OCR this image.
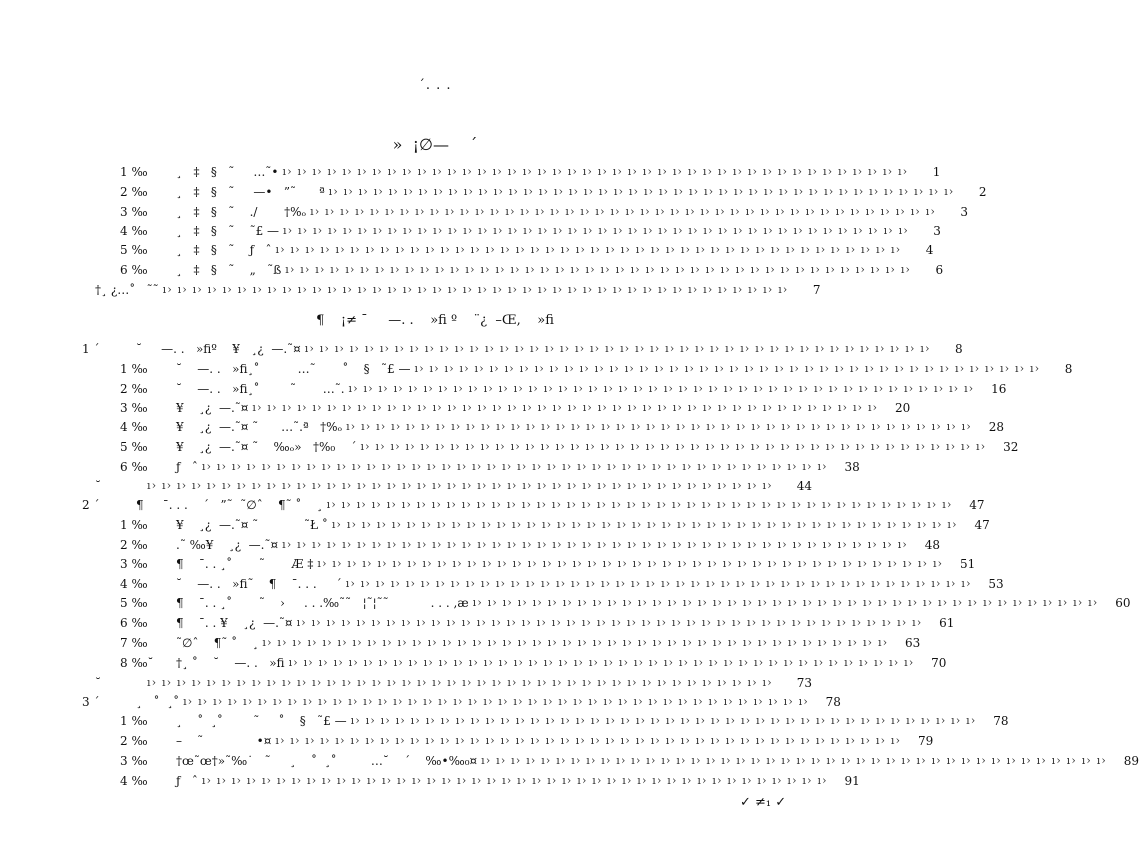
´. . .
»  ¡∅—    ´
¶    ¡≠ ¯     —. .    »fi º    ¨¿  –Œ,    »fi
1 ‰	¸   ‡   §   ˜     …˜• ı› ı› ı› ı› ı› ı› ı› ı› ı› ı› ı› ı› ı› ı› ı› ı› ı› ı› ı› ı› ı› ı› ı› ı› ı› ı› ı› ı› ı› ı› ı› ı› ı› ı› ı› ı› ı› ı› ı› ı› ı› ı›	1
2 ‰	¸   ‡   §   ˜     —•   ”˜      ª ı› ı› ı› ı› ı› ı› ı› ı› ı› ı› ı› ı› ı› ı› ı› ı› ı› ı› ı› ı› ı› ı› ı› ı› ı› ı› ı› ı› ı› ı› ı› ı› ı› ı› ı› ı› ı› ı› ı› ı› ı› ı›	2
3 ‰	¸   ‡   §   ˜    ./       †%ₒ ı› ı› ı› ı› ı› ı› ı› ı› ı› ı› ı› ı› ı› ı› ı› ı› ı› ı› ı› ı› ı› ı› ı› ı› ı› ı› ı› ı› ı› ı› ı› ı› ı› ı› ı› ı› ı› ı› ı› ı› ı› ı›	3
4 ‰	¸   ‡   §   ˜    ˜£ — ı› ı› ı› ı› ı› ı› ı› ı› ı› ı› ı› ı› ı› ı› ı› ı› ı› ı› ı› ı› ı› ı› ı› ı› ı› ı› ı› ı› ı› ı› ı› ı› ı› ı› ı› ı› ı› ı› ı› ı› ı› ı›	3
5 ‰	¸   ‡   §   ˜    ƒ   ˆ ı› ı› ı› ı› ı› ı› ı› ı› ı› ı› ı› ı› ı› ı› ı› ı› ı› ı› ı› ı› ı› ı› ı› ı› ı› ı› ı› ı› ı› ı› ı› ı› ı› ı› ı› ı› ı› ı› ı› ı› ı› ı›	4
6 ‰	¸   ‡   §   ˜    „   ˜ß ı› ı› ı› ı› ı› ı› ı› ı› ı› ı› ı› ı› ı› ı› ı› ı› ı› ı› ı› ı› ı› ı› ı› ı› ı› ı› ı› ı› ı› ı› ı› ı› ı› ı› ı› ı› ı› ı› ı› ı› ı› ı›	6
†¸ ¿…˚ ˜˜ ı› ı› ı› ı› ı› ı› ı› ı› ı› ı› ı› ı› ı› ı› ı› ı› ı› ı› ı› ı› ı› ı› ı› ı› ı› ı› ı› ı› ı› ı› ı› ı› ı› ı› ı› ı› ı› ı› ı› ı› ı› ı›	7
1 ´	˘     —. .   »fiº    ¥   ¸¿  —.˜¤ ı› ı› ı› ı› ı› ı› ı› ı› ı› ı› ı› ı› ı› ı› ı› ı› ı› ı› ı› ı› ı› ı› ı› ı› ı› ı› ı› ı› ı› ı› ı› ı› ı› ı› ı› ı› ı› ı› ı› ı› ı› ı›	8
1 ‰	˘    —. .   »fi¸˚          …˜       ˚    §   ˜£ — ı› ı› ı› ı› ı› ı› ı› ı› ı› ı› ı› ı› ı› ı› ı› ı› ı› ı› ı› ı› ı› ı› ı› ı› ı› ı› ı› ı› ı› ı› ı› ı› ı› ı› ı› ı› ı› ı› ı› ı› ı› ı›	8
2 ‰	˘    —. .   »fi¸˚        ˜       …˜. ı› ı› ı› ı› ı› ı› ı› ı› ı› ı› ı› ı› ı› ı› ı› ı› ı› ı› ı› ı› ı› ı› ı› ı› ı› ı› ı› ı› ı› ı› ı› ı› ı› ı› ı› ı› ı› ı› ı› ı› ı› ı›	16
3 ‰	¥    ¸¿  —.˜¤ ı› ı› ı› ı› ı› ı› ı› ı› ı› ı› ı› ı› ı› ı› ı› ı› ı› ı› ı› ı› ı› ı› ı› ı› ı› ı› ı› ı› ı› ı› ı› ı› ı› ı› ı› ı› ı› ı› ı› ı› ı› ı›	20
4 ‰	¥    ¸¿  —.˜¤ ˜      …˜.ª   †%ₒ ı› ı› ı› ı› ı› ı› ı› ı› ı› ı› ı› ı› ı› ı› ı› ı› ı› ı› ı› ı› ı› ı› ı› ı› ı› ı› ı› ı› ı› ı› ı› ı› ı› ı› ı› ı› ı› ı› ı› ı› ı› ı›	28
5 ‰	¥    ¸¿  —.˜¤ ˜    ‰ₒ»   †%₀    ´ ı› ı› ı› ı› ı› ı› ı› ı› ı› ı› ı› ı› ı› ı› ı› ı› ı› ı› ı› ı› ı› ı› ı› ı› ı› ı› ı› ı› ı› ı› ı› ı› ı› ı› ı› ı› ı› ı› ı› ı› ı› ı›	32
6 ‰	ƒ   ˆ ı› ı› ı› ı› ı› ı› ı› ı› ı› ı› ı› ı› ı› ı› ı› ı› ı› ı› ı› ı› ı› ı› ı› ı› ı› ı› ı› ı› ı› ı› ı› ı› ı› ı› ı› ı› ı› ı› ı› ı› ı› ı›	38
˘	ı› ı› ı› ı› ı› ı› ı› ı› ı› ı› ı› ı› ı› ı› ı› ı› ı› ı› ı› ı› ı› ı› ı› ı› ı› ı› ı› ı› ı› ı› ı› ı› ı› ı› ı› ı› ı› ı› ı› ı› ı› ı›	44
2 ´	¶     ¯. . .    ´   ”˜  ˜∅ˆ    ¶˜ ˚    ¸ ı› ı› ı› ı› ı› ı› ı› ı› ı› ı› ı› ı› ı› ı› ı› ı› ı› ı› ı› ı› ı› ı› ı› ı› ı› ı› ı› ı› ı› ı› ı› ı› ı› ı› ı› ı› ı› ı› ı› ı› ı› ı›	47
1 ‰	¥    ¸¿  —.˜¤ ˜            ˜Ł ˚ ı› ı› ı› ı› ı› ı› ı› ı› ı› ı› ı› ı› ı› ı› ı› ı› ı› ı› ı› ı› ı› ı› ı› ı› ı› ı› ı› ı› ı› ı› ı› ı› ı› ı› ı› ı› ı› ı› ı› ı› ı› ı›	47
2 ‰	.˜ ‰¥    ¸¿  —.˜¤ ı› ı› ı› ı› ı› ı› ı› ı› ı› ı› ı› ı› ı› ı› ı› ı› ı› ı› ı› ı› ı› ı› ı› ı› ı› ı› ı› ı› ı› ı› ı› ı› ı› ı› ı› ı› ı› ı› ı› ı› ı› ı›	48
3 ‰	¶    ¯. . ¸˚       ˜       Æ ‡ ı› ı› ı› ı› ı› ı› ı› ı› ı› ı› ı› ı› ı› ı› ı› ı› ı› ı› ı› ı› ı› ı› ı› ı› ı› ı› ı› ı› ı› ı› ı› ı› ı› ı› ı› ı› ı› ı› ı› ı› ı› ı›	51
4 ‰	˘    —. .   »fi˜    ¶    ¯. . .     ´ ı› ı› ı› ı› ı› ı› ı› ı› ı› ı› ı› ı› ı› ı› ı› ı› ı› ı› ı› ı› ı› ı› ı› ı› ı› ı› ı› ı› ı› ı› ı› ı› ı› ı› ı› ı› ı› ı› ı› ı› ı› ı›	53
5 ‰	¶    ¯. . ¸˚       ˜    ›     . . .‰˜˜   ¦˜¦˜˜           . . . ,æ ı› ı› ı› ı› ı› ı› ı› ı› ı› ı› ı› ı› ı› ı› ı› ı› ı› ı› ı› ı› ı› ı› ı› ı› ı› ı› ı› ı› ı› ı› ı› ı› ı› ı› ı› ı› ı› ı› ı› ı› ı› ı›	60
6 ‰	¶    ¯. . ¥    ¸¿  —.˜¤ ı› ı› ı› ı› ı› ı› ı› ı› ı› ı› ı› ı› ı› ı› ı› ı› ı› ı› ı› ı› ı› ı› ı› ı› ı› ı› ı› ı› ı› ı› ı› ı› ı› ı› ı› ı› ı› ı› ı› ı› ı› ı›	61
7 ‰	˜∅ˆ    ¶˜ ˚    ¸ ı› ı› ı› ı› ı› ı› ı› ı› ı› ı› ı› ı› ı› ı› ı› ı› ı› ı› ı› ı› ı› ı› ı› ı› ı› ı› ı› ı› ı› ı› ı› ı› ı› ı› ı› ı› ı› ı› ı› ı› ı› ı›	63
8 ‰˘	†¸ ˚    ˘    —. .   »fi ı› ı› ı› ı› ı› ı› ı› ı› ı› ı› ı› ı› ı› ı› ı› ı› ı› ı› ı› ı› ı› ı› ı› ı› ı› ı› ı› ı› ı› ı› ı› ı› ı› ı› ı› ı› ı› ı› ı› ı› ı› ı›	70
˘	ı› ı› ı› ı› ı› ı› ı› ı› ı› ı› ı› ı› ı› ı› ı› ı› ı› ı› ı› ı› ı› ı› ı› ı› ı› ı› ı› ı› ı› ı› ı› ı› ı› ı› ı› ı› ı› ı› ı› ı› ı› ı›	73
3 ´	¸   ˚  ¸˚ ı› ı› ı› ı› ı› ı› ı› ı› ı› ı› ı› ı› ı› ı› ı› ı› ı› ı› ı› ı› ı› ı› ı› ı› ı› ı› ı› ı› ı› ı› ı› ı› ı› ı› ı› ı› ı› ı› ı› ı› ı› ı›	78
1 ‰	¸    ˚  ¸˚        ˜     ˚    §   ˜£ — ı› ı› ı› ı› ı› ı› ı› ı› ı› ı› ı› ı› ı› ı› ı› ı› ı› ı› ı› ı› ı› ı› ı› ı› ı› ı› ı› ı› ı› ı› ı› ı› ı› ı› ı› ı› ı› ı› ı› ı› ı› ı›	78
2 ‰	–    ˜              •¤ ı› ı› ı› ı› ı› ı› ı› ı› ı› ı› ı› ı› ı› ı› ı› ı› ı› ı› ı› ı› ı› ı› ı› ı› ı› ı› ı› ı› ı› ı› ı› ı› ı› ı› ı› ı› ı› ı› ı› ı› ı› ı›	79
3 ‰	†œ˜œ†»˜‰˙   ˜     ¸    ˚  ¸˚         …˘    ´    ‰•‰₀¤ ı› ı› ı› ı› ı› ı› ı› ı› ı› ı› ı› ı› ı› ı› ı› ı› ı› ı› ı› ı› ı› ı› ı› ı› ı› ı› ı› ı› ı› ı› ı› ı› ı› ı› ı› ı› ı› ı› ı› ı› ı› ı›	89
4 ‰	ƒ   ˆ ı› ı› ı› ı› ı› ı› ı› ı› ı› ı› ı› ı› ı› ı› ı› ı› ı› ı› ı› ı› ı› ı› ı› ı› ı› ı› ı› ı› ı› ı› ı› ı› ı› ı› ı› ı› ı› ı› ı› ı› ı› ı›	91
✓ ≠₁ ✓
